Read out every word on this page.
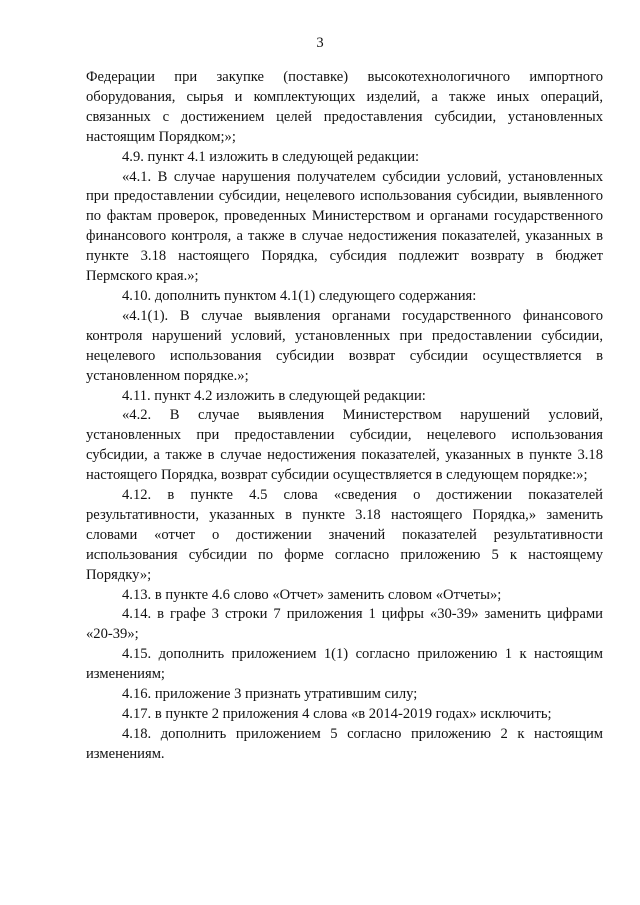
3

Федерации при закупке (поставке) высокотехнологичного импортного оборудования, сырья и комплектующих изделий, а также иных операций, связанных с достижением целей предоставления субсидии, установленных настоящим Порядком;»;

4.9. пункт 4.1 изложить в следующей редакции:

«4.1. В случае нарушения получателем субсидии условий, установленных при предоставлении субсидии, нецелевого использования субсидии, выявленного по фактам проверок, проведенных Министерством и органами государственного финансового контроля, а также в случае недостижения показателей, указанных в пункте 3.18 настоящего Порядка, субсидия подлежит возврату в бюджет Пермского края.»;

4.10. дополнить пунктом 4.1(1) следующего содержания:

«4.1(1). В случае выявления органами государственного финансового контроля нарушений условий, установленных при предоставлении субсидии, нецелевого использования субсидии возврат субсидии осуществляется в установленном порядке.»;

4.11. пункт 4.2 изложить в следующей редакции:

«4.2. В случае выявления Министерством нарушений условий, установленных при предоставлении субсидии, нецелевого использования субсидии, а также в случае недостижения показателей, указанных в пункте 3.18 настоящего Порядка, возврат субсидии осуществляется в следующем порядке:»;

4.12. в пункте 4.5 слова «сведения о достижении показателей результативности, указанных в пункте 3.18 настоящего Порядка,» заменить словами «отчет о достижении значений показателей результативности использования субсидии по форме согласно приложению 5 к настоящему Порядку»;

4.13. в пункте 4.6 слово «Отчет» заменить словом «Отчеты»;

4.14. в графе 3 строки 7 приложения 1 цифры «30-39» заменить цифрами «20-39»;

4.15. дополнить приложением 1(1) согласно приложению 1 к настоящим изменениям;

4.16. приложение 3 признать утратившим силу;

4.17. в пункте 2 приложения 4 слова «в 2014-2019 годах» исключить;

4.18. дополнить приложением 5 согласно приложению 2 к настоящим изменениям.
